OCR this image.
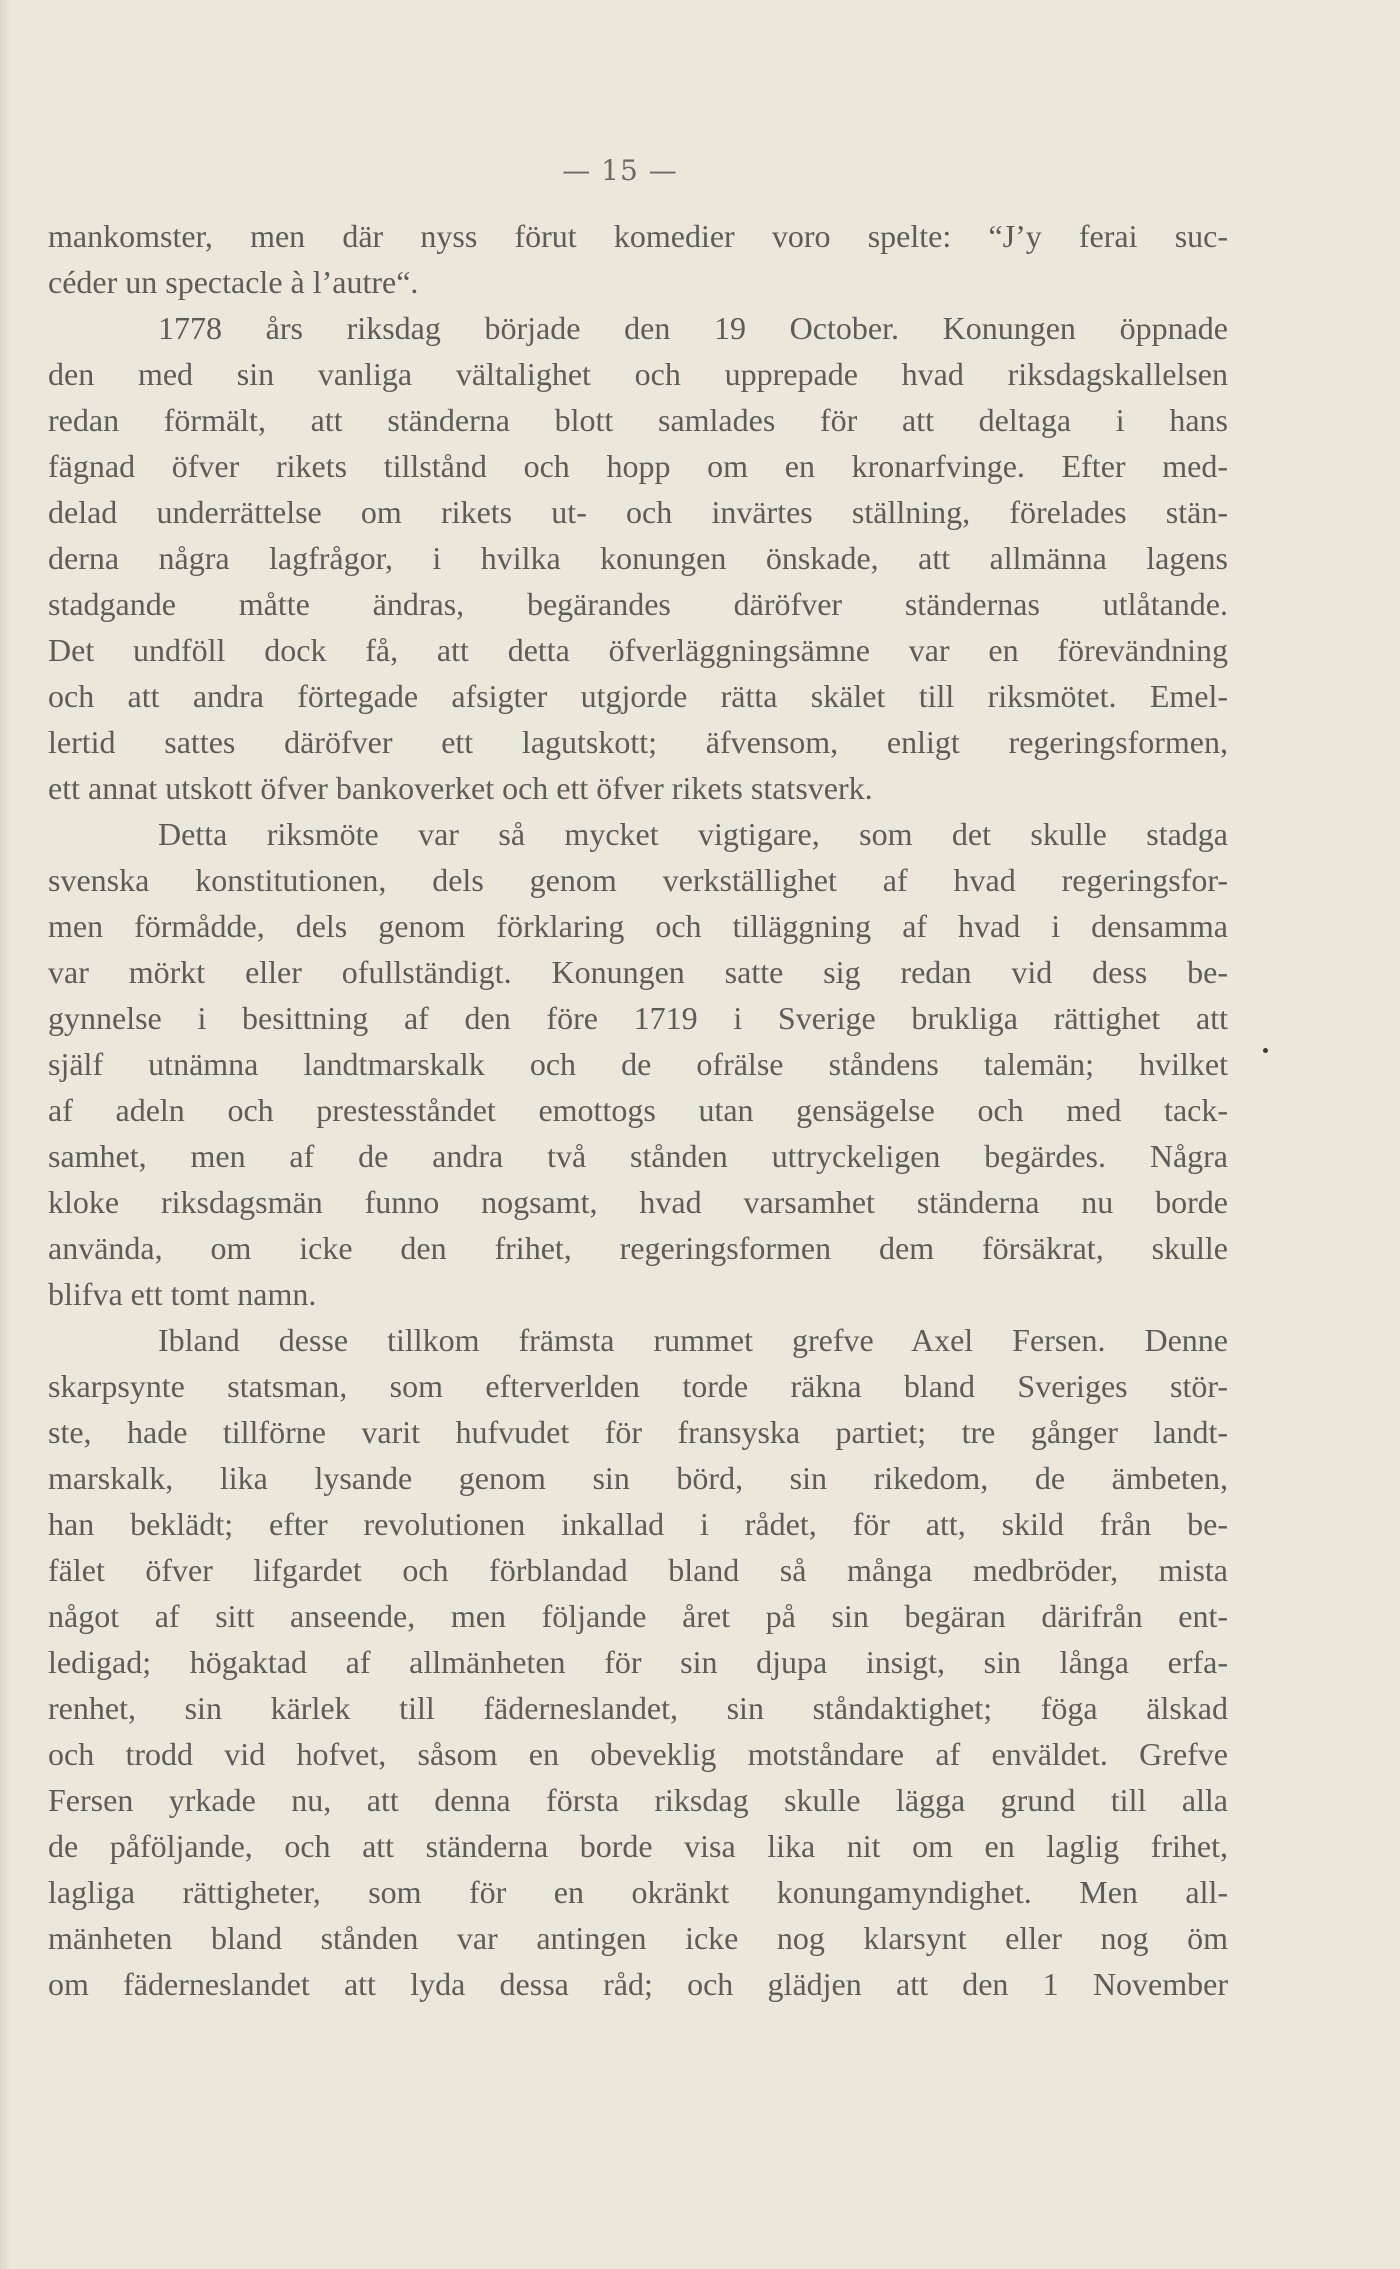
— 15 —
mankomster, men där nyss förut komedier voro spelte: “J’y ferai suc-
céder un spectacle à l’autre“.
1778 års riksdag började den 19 October. Konungen öppnade
den med sin vanliga vältalighet och upprepade hvad riksdagskallelsen
redan förmält, att ständerna blott samlades för att deltaga i hans
fägnad öfver rikets tillstånd och hopp om en kronarfvinge. Efter med-
delad underrättelse om rikets ut- och invärtes ställning, förelades stän-
derna några lagfrågor, i hvilka konungen önskade, att allmänna lagens
stadgande måtte ändras, begärandes däröfver ständernas utlåtande.
Det undföll dock få, att detta öfverläggningsämne var en förevändning
och att andra förtegade afsigter utgjorde rätta skälet till riksmötet. Emel-
lertid sattes däröfver ett lagutskott; äfvensom, enligt regeringsformen,
ett annat utskott öfver bankoverket och ett öfver rikets statsverk.
Detta riksmöte var så mycket vigtigare, som det skulle stadga
svenska konstitutionen, dels genom verkställighet af hvad regeringsfor-
men förmådde, dels genom förklaring och tilläggning af hvad i densamma
var mörkt eller ofullständigt. Konungen satte sig redan vid dess be-
gynnelse i besittning af den före 1719 i Sverige brukliga rättighet att
själf utnämna landtmarskalk och de ofrälse ståndens talemän; hvilket
af adeln och prestesståndet emottogs utan gensägelse och med tack-
samhet, men af de andra två stånden uttryckeligen begärdes. Några
kloke riksdagsmän funno nogsamt, hvad varsamhet ständerna nu borde
använda, om icke den frihet, regeringsformen dem försäkrat, skulle
blifva ett tomt namn.
Ibland desse tillkom främsta rummet grefve Axel Fersen. Denne
skarpsynte statsman, som efterverlden torde räkna bland Sveriges stör-
ste, hade tillförne varit hufvudet för fransyska partiet; tre gånger landt-
marskalk, lika lysande genom sin börd, sin rikedom, de ämbeten,
han beklädt; efter revolutionen inkallad i rådet, för att, skild från be-
fälet öfver lifgardet och förblandad bland så många medbröder, mista
något af sitt anseende, men följande året på sin begäran därifrån ent-
ledigad; högaktad af allmänheten för sin djupa insigt, sin långa erfa-
renhet, sin kärlek till fäderneslandet, sin ståndaktighet; föga älskad
och trodd vid hofvet, såsom en obeveklig motståndare af enväldet. Grefve
Fersen yrkade nu, att denna första riksdag skulle lägga grund till alla
de påföljande, och att ständerna borde visa lika nit om en laglig frihet,
lagliga rättigheter, som för en okränkt konungamyndighet. Men all-
mänheten bland stånden var antingen icke nog klarsynt eller nog öm
om fäderneslandet att lyda dessa råd; och glädjen att den 1 November
